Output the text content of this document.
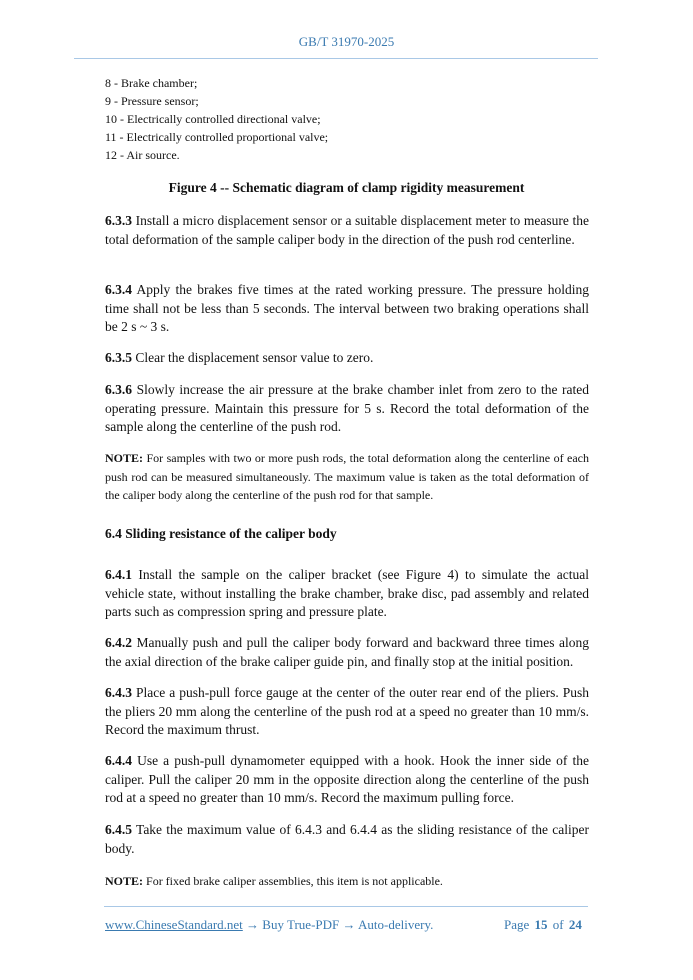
GB/T 31970-2025
8 - Brake chamber;
9 - Pressure sensor;
10 - Electrically controlled directional valve;
11 - Electrically controlled proportional valve;
12 - Air source.
Figure 4 -- Schematic diagram of clamp rigidity measurement
6.3.3 Install a micro displacement sensor or a suitable displacement meter to measure the total deformation of the sample caliper body in the direction of the push rod centerline.
6.3.4 Apply the brakes five times at the rated working pressure. The pressure holding time shall not be less than 5 seconds. The interval between two braking operations shall be 2 s ~ 3 s.
6.3.5 Clear the displacement sensor value to zero.
6.3.6 Slowly increase the air pressure at the brake chamber inlet from zero to the rated operating pressure. Maintain this pressure for 5 s. Record the total deformation of the sample along the centerline of the push rod.
NOTE: For samples with two or more push rods, the total deformation along the centerline of each push rod can be measured simultaneously. The maximum value is taken as the total deformation of the caliper body along the centerline of the push rod for that sample.
6.4 Sliding resistance of the caliper body
6.4.1 Install the sample on the caliper bracket (see Figure 4) to simulate the actual vehicle state, without installing the brake chamber, brake disc, pad assembly and related parts such as compression spring and pressure plate.
6.4.2 Manually push and pull the caliper body forward and backward three times along the axial direction of the brake caliper guide pin, and finally stop at the initial position.
6.4.3 Place a push-pull force gauge at the center of the outer rear end of the pliers. Push the pliers 20 mm along the centerline of the push rod at a speed no greater than 10 mm/s. Record the maximum thrust.
6.4.4 Use a push-pull dynamometer equipped with a hook. Hook the inner side of the caliper. Pull the caliper 20 mm in the opposite direction along the centerline of the push rod at a speed no greater than 10 mm/s. Record the maximum pulling force.
6.4.5 Take the maximum value of 6.4.3 and 6.4.4 as the sliding resistance of the caliper body.
NOTE: For fixed brake caliper assemblies, this item is not applicable.
www.ChineseStandard.net → Buy True-PDF → Auto-delivery.	Page 15 of 24
